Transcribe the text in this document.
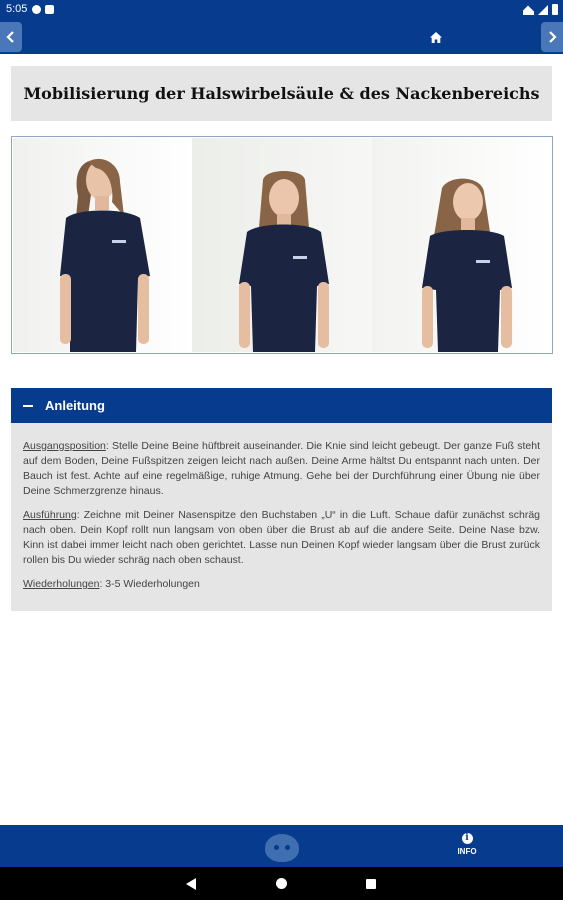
5:05
Mobilisierung der Halswirbelsäule & des Nackenbereichs
Anleitung

Ausgangsposition: Stelle Deine Beine hüftbreit auseinander. Die Knie sind leicht gebeugt. Der ganze Fuß steht auf dem Boden, Deine Fußspitzen zeigen leicht nach außen. Deine Arme hältst Du entspannt nach unten. Der Bauch ist fest. Achte auf eine regelmäßige, ruhige Atmung. Gehe bei der Durchführung einer Übung nie über Deine Schmerzgrenze hinaus.

Ausführung: Zeichne mit Deiner Nasenspitze den Buchstaben „U“ in die Luft. Schaue dafür zunächst schräg nach oben. Dein Kopf rollt nun langsam von oben über die Brust ab auf die andere Seite. Deine Nase bzw. Kinn ist dabei immer leicht nach oben gerichtet. Lasse nun Deinen Kopf wieder langsam über die Brust zurück rollen bis Du wieder schräg nach oben schaust.

Wiederholungen: 3-5 Wiederholungen

i
INFO
